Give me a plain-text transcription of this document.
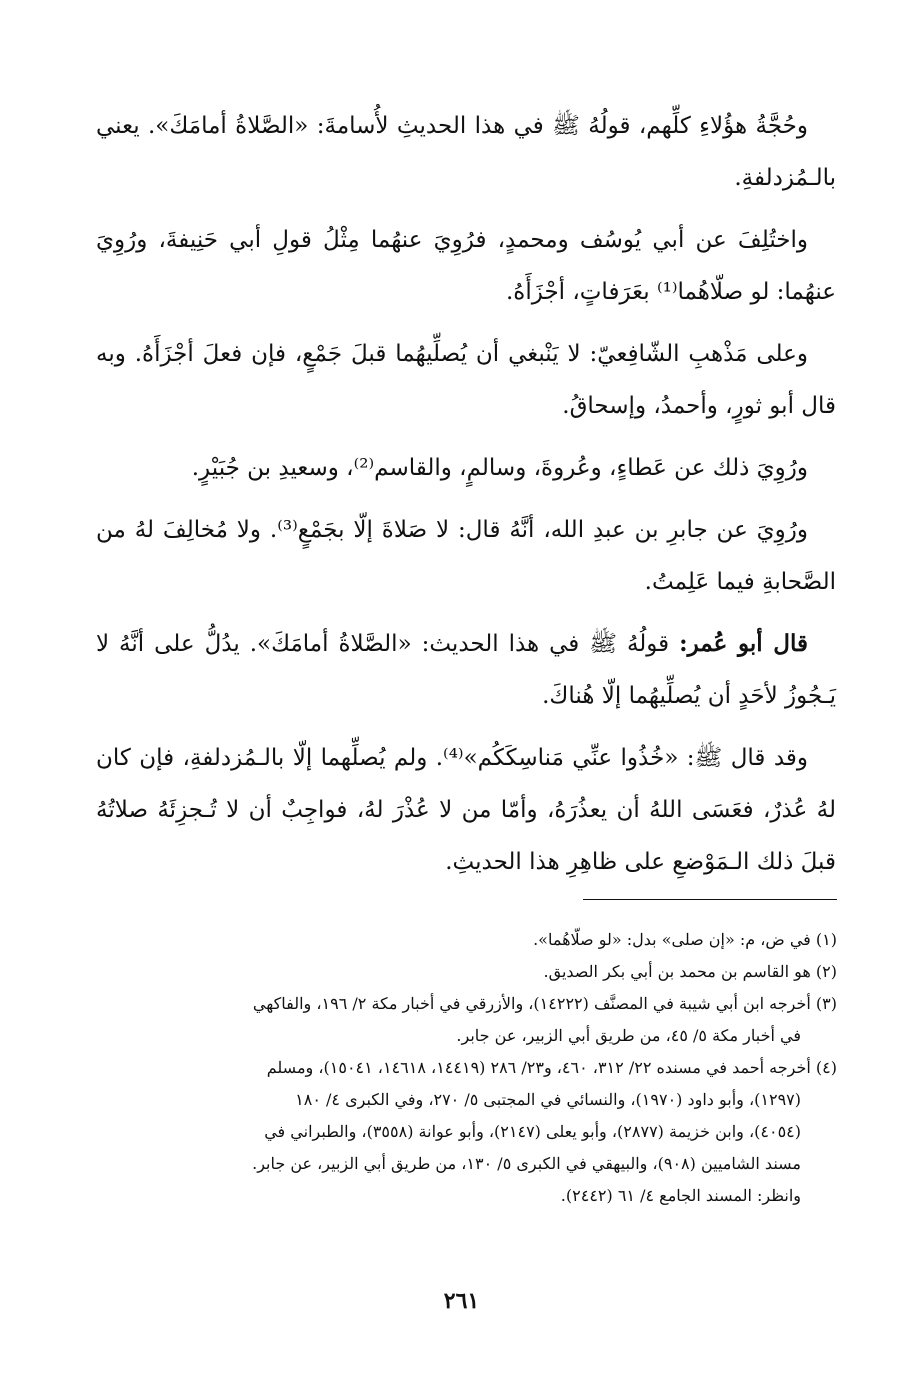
وحُجَّةُ هؤُلاءِ كلِّهم، قولُهُ ﷺ في هذا الحديثِ لأُسامةَ: «الصَّلاةُ أمامَكَ». يعني بالـمُزدلفةِ.

واختُلِفَ عن أبي يُوسُف ومحمدٍ، فرُوِيَ عنهُما مِثْلُ قولِ أبي حَنِيفةَ، ورُوِيَ عنهُما: لو صلّاهُما⁽¹⁾ بعَرَفاتٍ، أجْزَأَهُ.

وعلى مَذْهبِ الشّافِعيّ: لا يَنْبغي أن يُصلِّيهُما قبلَ جَمْعٍ، فإن فعلَ أجْزَأَهُ. وبه قال أبو ثورٍ، وأحمدُ، وإسحاقُ.

ورُوِيَ ذلك عن عَطاءٍ، وعُروةَ، وسالمٍ، والقاسم⁽²⁾، وسعيدِ بن جُبَيْرٍ.

ورُوِيَ عن جابرِ بن عبدِ الله، أنَّهُ قال: لا صَلاةَ إلّا بجَمْعٍ⁽³⁾. ولا مُخالِفَ لهُ من الصَّحابةِ فيما عَلِمتُ.

قال أبو عُمر: قولُهُ ﷺ في هذا الحديث: «الصَّلاةُ أمامَكَ». يدُلُّ على أنَّهُ لا يَـجُوزُ لأحَدٍ أن يُصلِّيهُما إلّا هُناكَ.

وقد قال ﷺ: «خُذُوا عنِّي مَناسِكَكُم»⁽⁴⁾. ولم يُصلِّهما إلّا بالـمُزدلفةِ، فإن كان لهُ عُذرٌ، فعَسَى اللهُ أن يعذُرَهُ، وأمّا من لا عُذْرَ لهُ، فواجِبٌ أن لا تُـجزِئَهُ صلاتُهُ قبلَ ذلك الـمَوْضعِ على ظاهِرِ هذا الحديثِ.

(١) في ض، م: «إن صلى» بدل: «لو صلّاهُما».

(٢) هو القاسم بن محمد بن أبي بكر الصديق.

(٣) أخرجه ابن أبي شيبة في المصنَّف (١٤٢٢٢)، والأزرقي في أخبار مكة ٢/ ١٩٦، والفاكهي
في أخبار مكة ٥/ ٤٥، من طريق أبي الزبير، عن جابر.

(٤) أخرجه أحمد في مسنده ٢٢/ ٣١٢، ٤٦٠، و٢٣/ ٢٨٦ (١٤٤١٩، ١٤٦١٨، ١٥٠٤١)، ومسلم
(١٢٩٧)، وأبو داود (١٩٧٠)، والنسائي في المجتبى ٥/ ٢٧٠، وفي الكبرى ٤/ ١٨٠
(٤٠٥٤)، وابن خزيمة (٢٨٧٧)، وأبو يعلى (٢١٤٧)، وأبو عوانة (٣٥٥٨)، والطبراني في
مسند الشاميين (٩٠٨)، والبيهقي في الكبرى ٥/ ١٣٠، من طريق أبي الزبير، عن جابر.
وانظر: المسند الجامع ٤/ ٦١ (٢٤٤٢).

٢٦١
